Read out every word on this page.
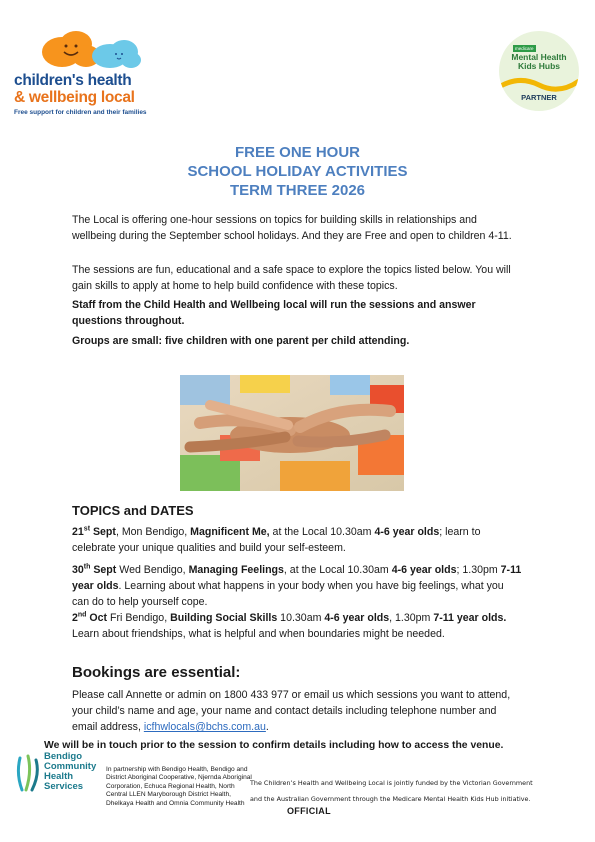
children's health
& wellbeing local
Free support for children and their families
medicare
Mental Health Kids Hubs
PARTNER
FREE ONE HOUR
SCHOOL HOLIDAY ACTIVITIES
TERM THREE 2026
The Local is offering one-hour sessions on topics for building skills in relationships and wellbeing during the September school holidays. And they are Free and open to children 4-11.
The sessions are fun, educational and a safe space to explore the topics listed below. You will gain skills to apply at home to help build confidence with these topics.
Staff from the Child Health and Wellbeing local will run the sessions and answer questions throughout.
Groups are small: five children with one parent per child attending.
TOPICS and DATES
21st Sept, Mon Bendigo, Magnificent Me, at the Local 10.30am 4-6 year olds; learn to celebrate your unique qualities and build your self-esteem.
30th Sept Wed Bendigo, Managing Feelings, at the Local 10.30am 4-6 year olds; 1.30pm 7-11 year olds. Learning about what happens in your body when you have big feelings, what you can do to help yourself cope.
2nd Oct Fri Bendigo, Building Social Skills 10.30am 4-6 year olds, 1.30pm 7-11 year olds. Learn about friendships, what is helpful and when boundaries might be needed.
Bookings are essential:
Please call Annette or admin on 1800 433 977 or email us which sessions you want to attend, your child’s name and age, your name and contact details including telephone number and email address, icfhwlocals@bchs.com.au.
We will be in touch prior to the session to confirm details including how to access the venue.
Bendigo Community Health Services
In partnership with Bendigo Health, Bendigo and District Aboriginal Cooperative, Njernda Aboriginal Corporation, Echuca Regional Health, North Central LLEN Maryborough District Health, Dhelkaya Health and Omnia Community Health
The Children’s Health and Wellbeing Local is jointly funded by the Victorian Government
and the Australian Government through the Medicare Mental Health Kids Hub initiative.
OFFICIAL
